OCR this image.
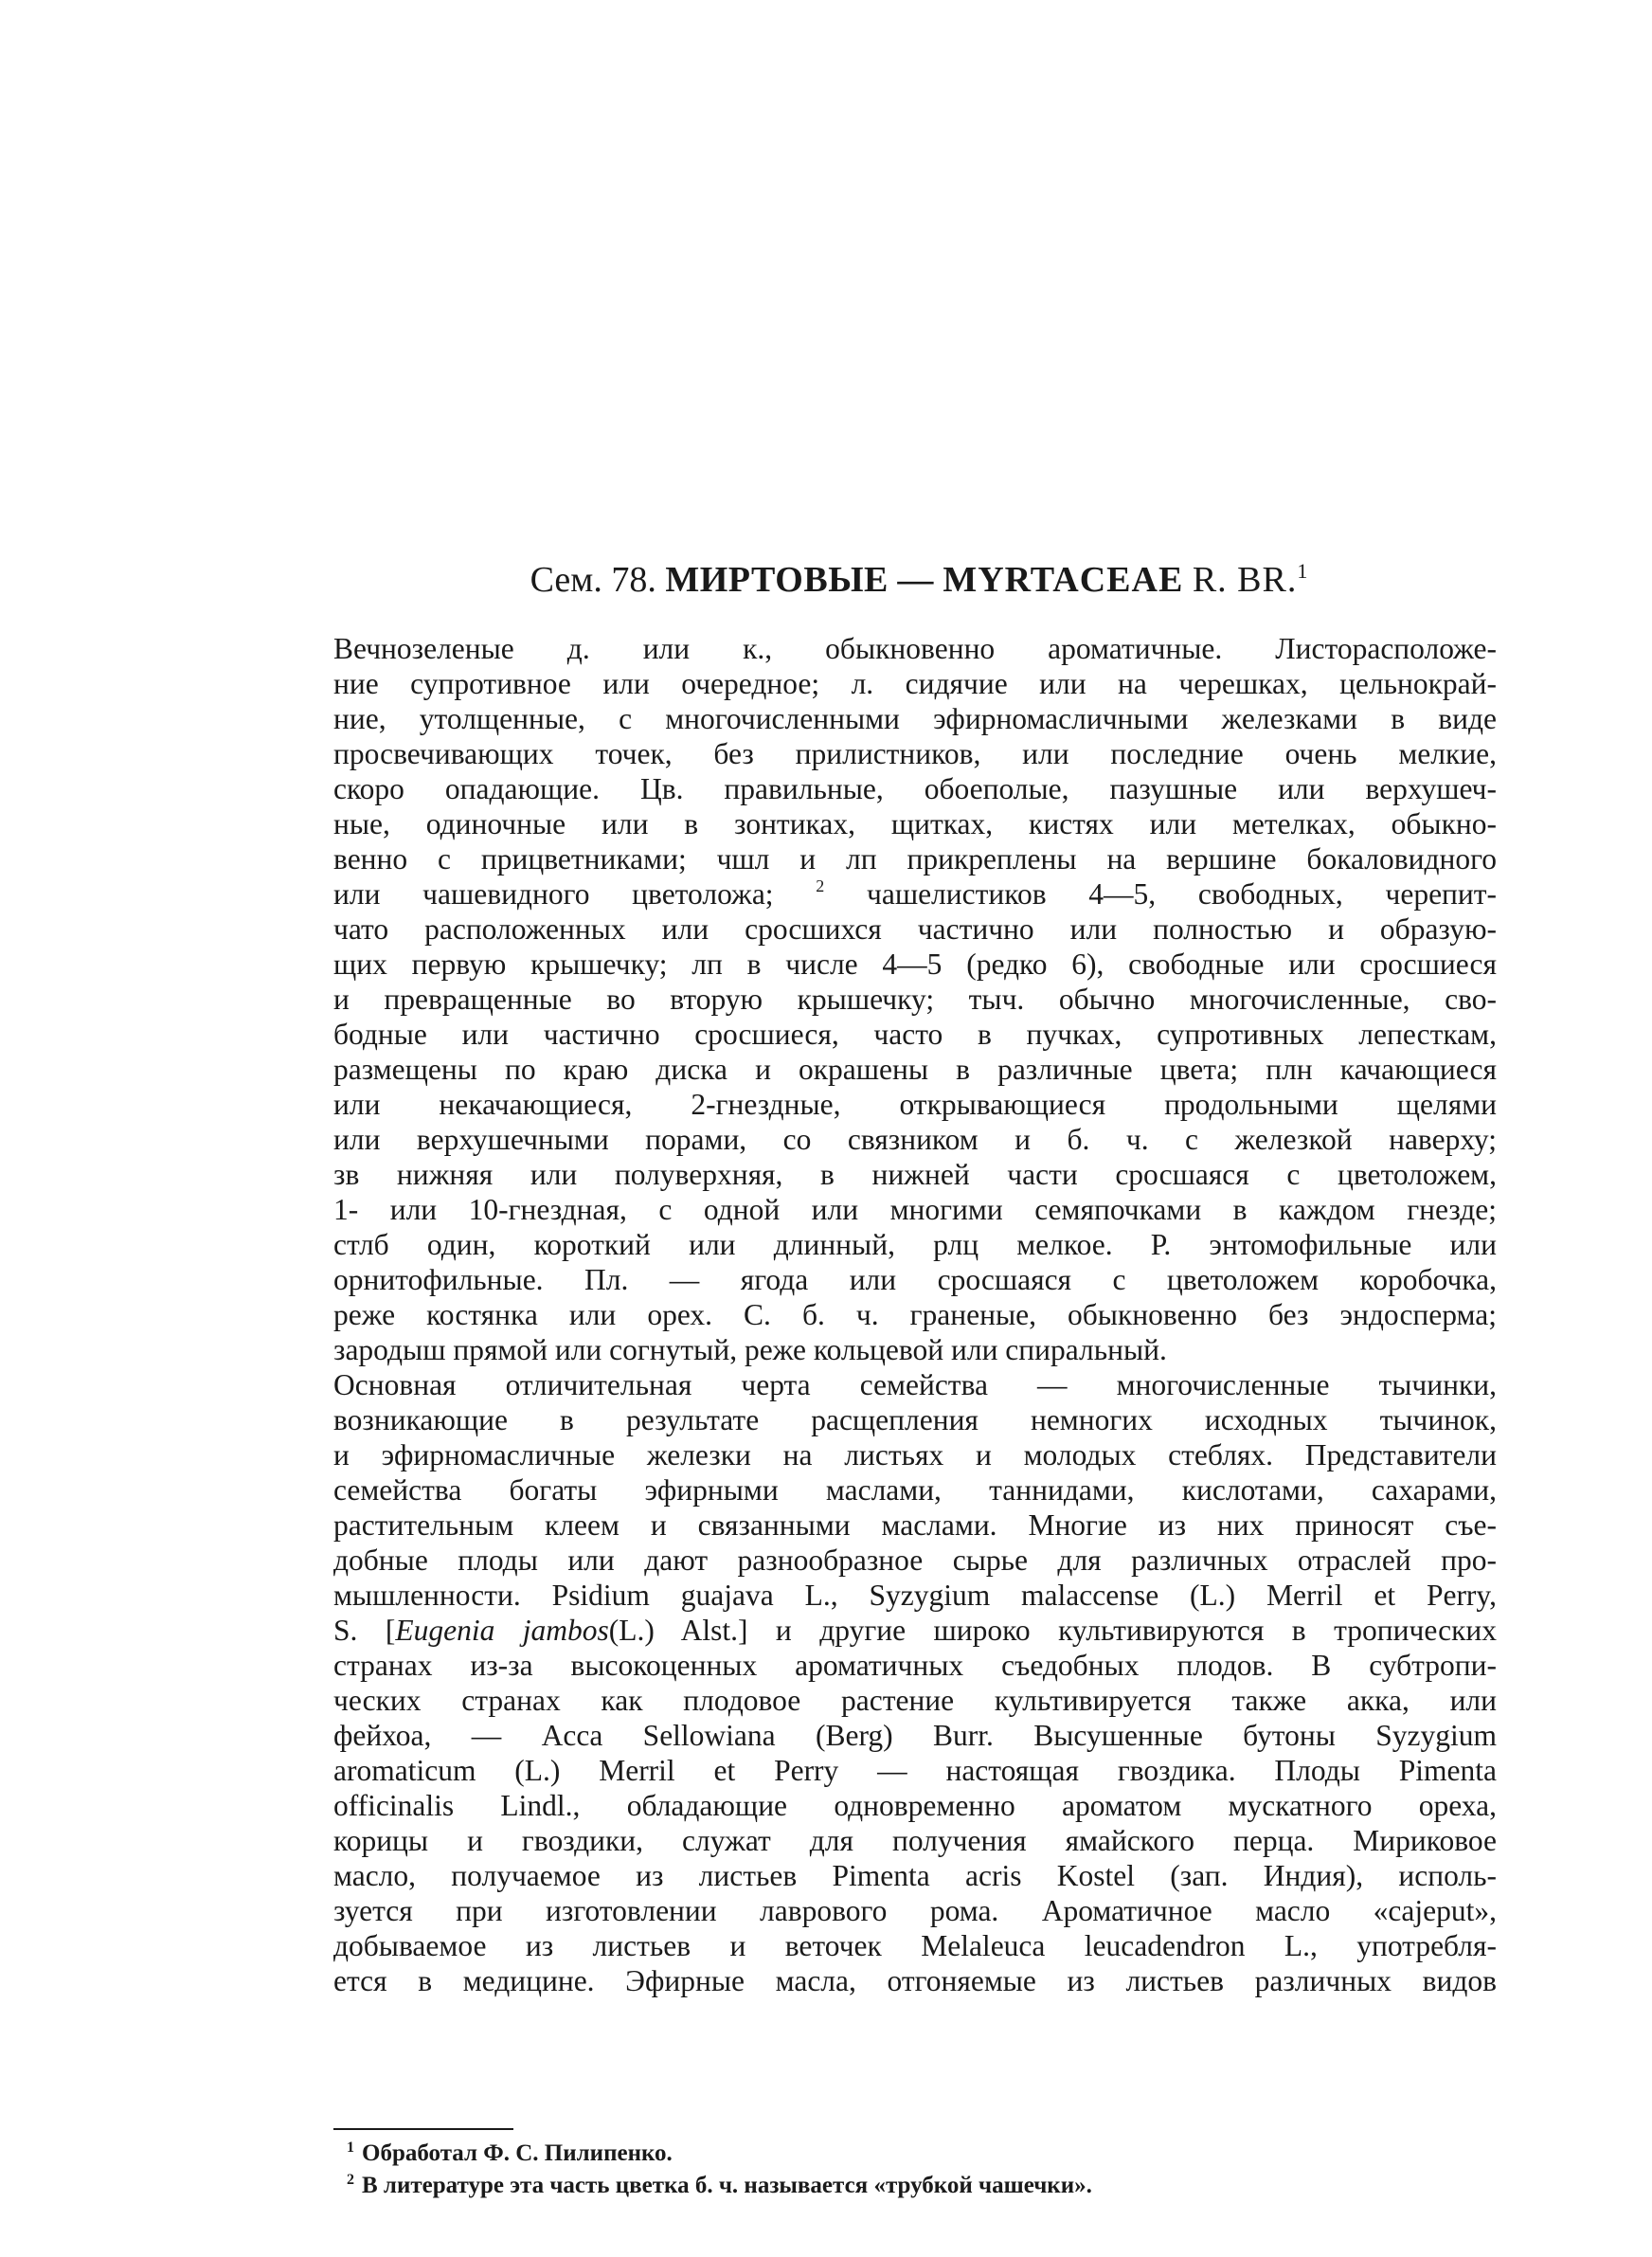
Сем. 78. МИРТОВЫЕ — MYRTACEAE R. BR.$^1$
Вечнозеленые д. или к., обыкновенно ароматичные. Листорасположе-
ние супротивное или очередное; л. сидячие или на черешках, цельнокрай-
ние, утолщенные, с многочисленными эфирномасличными железками в виде
просвечивающих точек, без прилистников, или последние очень мелкие,
скоро опадающие. Цв. правильные, обоеполые, пазушные или верхушеч-
ные, одиночные или в зонтиках, щитках, кистях или метелках, обыкно-
венно с прицветниками; чшл и лп прикреплены на вершине бокаловидного
или чашевидного цветоложа; $^2$ чашелистиков 4—5, свободных, черепит-
чато расположенных или сросшихся частично или полностью и образую-
щих первую крышечку; лп в числе 4—5 (редко 6), свободные или сросшиеся
и превращенные во вторую крышечку; тыч. обычно многочисленные, сво-
бодные или частично сросшиеся, часто в пучках, супротивных лепесткам,
размещены по краю диска и окрашены в различные цвета; плн качающиеся
или некачающиеся, 2-гнездные, открывающиеся продольными щелями
или верхушечными порами, со связником и б. ч. с железкой наверху;
зв нижняя или полуверхняя, в нижней части сросшаяся с цветоложем,
1- или 10-гнездная, с одной или многими семяпочками в каждом гнезде;
стлб один, короткий или длинный, рлц мелкое. Р. энтомофильные или
орнитофильные. Пл. — ягода или сросшаяся с цветоложем коробочка,
реже костянка или орех. С. б. ч. граненые, обыкновенно без эндосперма;
зародыш прямой или согнутый, реже кольцевой или спиральный.
Основная отличительная черта семейства — многочисленные тычинки,
возникающие в результате расщепления немногих исходных тычинок,
и эфирномасличные железки на листьях и молодых стеблях. Представители
семейства богаты эфирными маслами, таннидами, кислотами, сахарами,
растительным клеем и связанными маслами. Многие из них приносят съе-
добные плоды или дают разнообразное сырье для различных отраслей про-
мышленности. Psidium guajava L., Syzygium malaccense (L.) Merril et Perry,
S. [Eugenia jambos(L.) Alst.] и другие широко культивируются в тропических
странах из-за высокоценных ароматичных съедобных плодов. В субтропи-
ческих странах как плодовое растение культивируется также акка, или
фейхоа, — Acca Sellowiana (Berg) Burr. Высушенные бутоны Syzygium
aromaticum (L.) Merril et Perry — настоящая гвоздика. Плоды Pimenta
officinalis Lindl., обладающие одновременно ароматом мускатного ореха,
корицы и гвоздики, служат для получения ямайского перца. Мириковое
масло, получаемое из листьев Pimenta acris Kostel (зап. Индия), исполь-
зуется при изготовлении лаврового рома. Ароматичное масло «cajeput»,
добываемое из листьев и веточек Melaleuca leucadendron L., употребля-
ется в медицине. Эфирные масла, отгоняемые из листьев различных видов
$^1$ Обработал Ф. С. Пилипенко.
$^2$ В литературе эта часть цветка б. ч. называется «трубкой чашечки».
